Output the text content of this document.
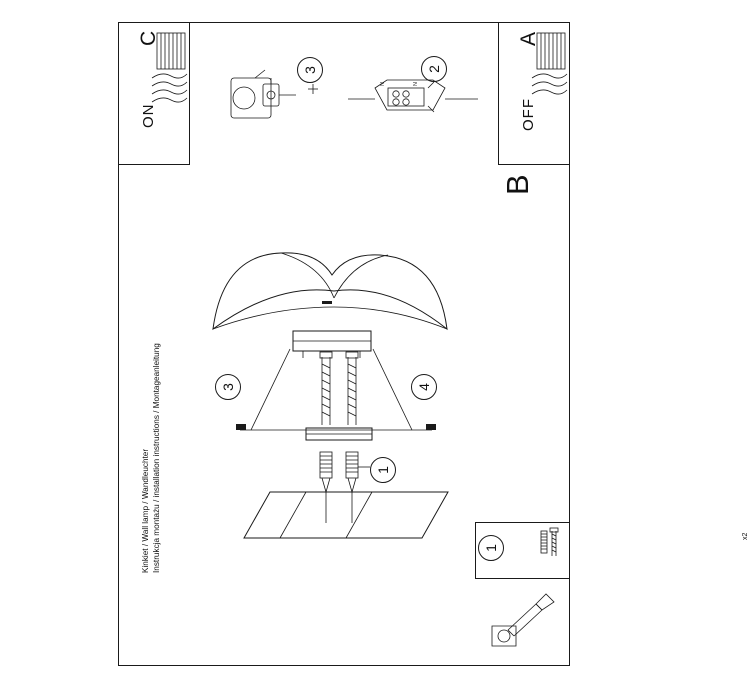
C
ON
A
OFF
B
Instrukcja montażu / installation instructions / Montageanleitung
Kinkiet / Wall lamp / Wandleuchter	x2
3	2
3	4
1
1
N	N
